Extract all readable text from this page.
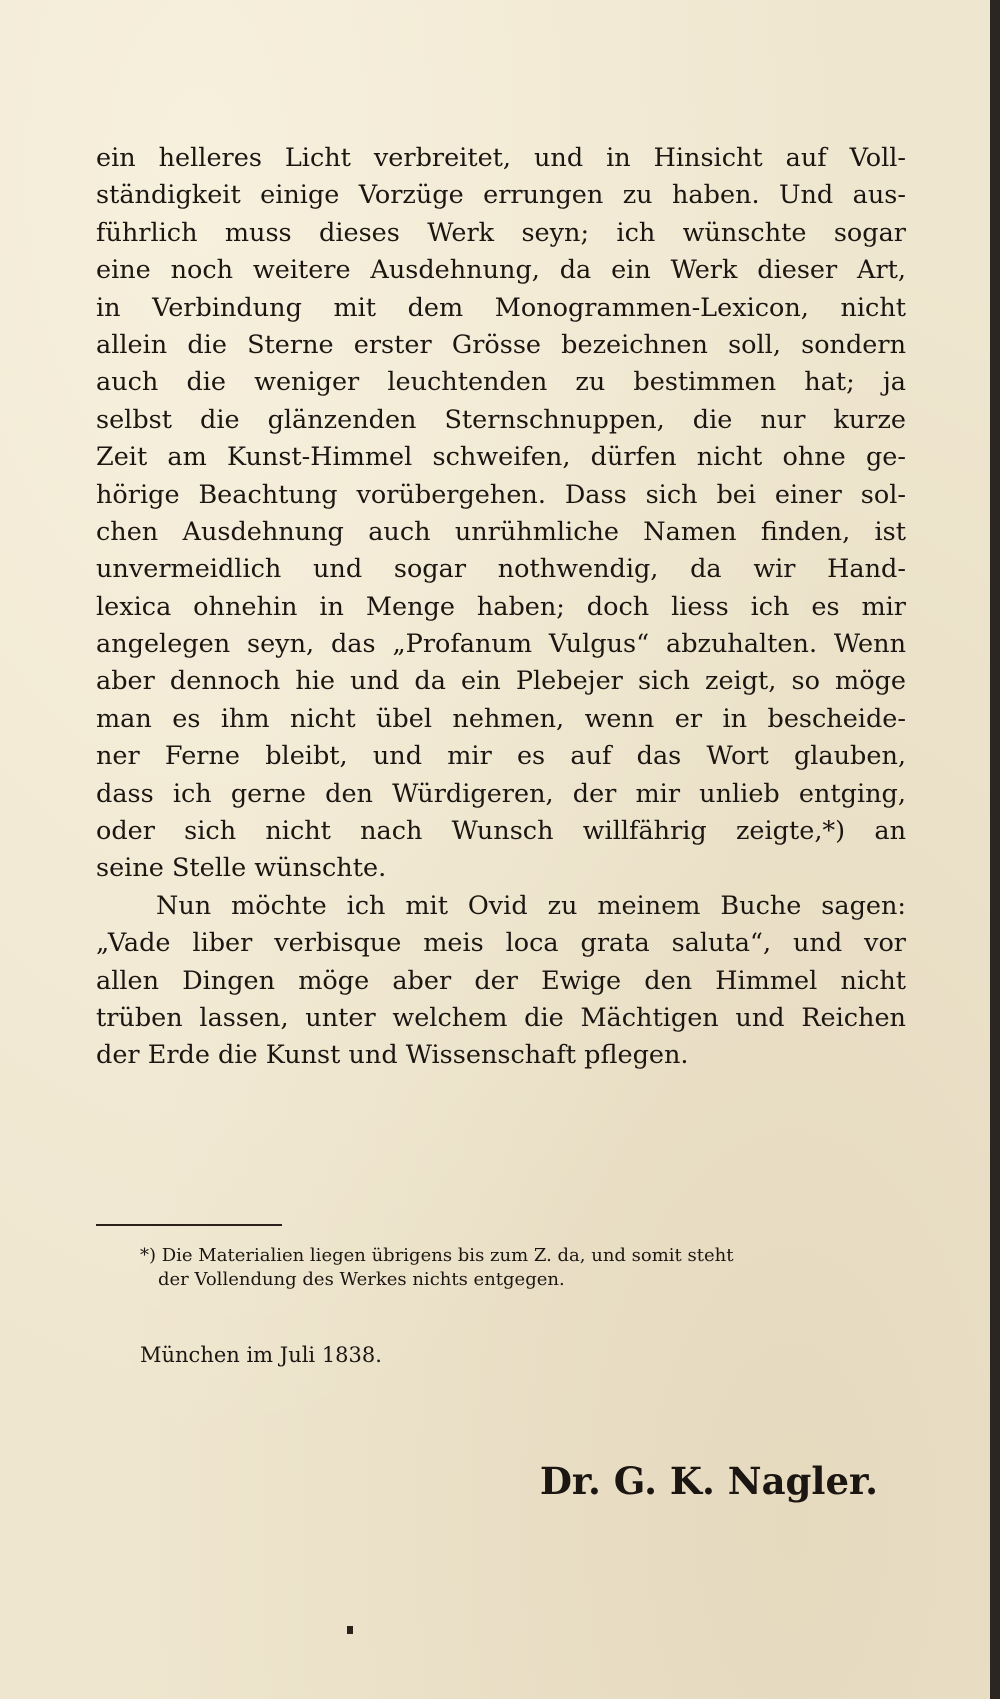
ein helleres Licht verbreitet, und in Hinsicht auf Voll-
ständigkeit einige Vorzüge errungen zu haben. Und aus-
führlich muss dieses Werk seyn; ich wünschte sogar
eine noch weitere Ausdehnung, da ein Werk dieser Art,
in Verbindung mit dem Monogrammen-Lexicon, nicht
allein die Sterne erster Grösse bezeichnen soll, sondern
auch die weniger leuchtenden zu bestimmen hat; ja
selbst die glänzenden Sternschnuppen, die nur kurze
Zeit am Kunst-Himmel schweifen, dürfen nicht ohne ge-
hörige Beachtung vorübergehen. Dass sich bei einer sol-
chen Ausdehnung auch unrühmliche Namen finden, ist
unvermeidlich und sogar nothwendig, da wir Hand-
lexica ohnehin in Menge haben; doch liess ich es mir
angelegen seyn, das „Profanum Vulgus“ abzuhalten. Wenn
aber dennoch hie und da ein Plebejer sich zeigt, so möge
man es ihm nicht übel nehmen, wenn er in bescheide-
ner Ferne bleibt, und mir es auf das Wort glauben,
dass ich gerne den Würdigeren, der mir unlieb entging,
oder sich nicht nach Wunsch willfährig zeigte,*) an
seine Stelle wünschte.
Nun möchte ich mit Ovid zu meinem Buche sagen:
„Vade liber verbisque meis loca grata saluta“, und vor
allen Dingen möge aber der Ewige den Himmel nicht
trüben lassen, unter welchem die Mächtigen und Reichen
der Erde die Kunst und Wissenschaft pflegen.
*) Die Materialien liegen übrigens bis zum Z. da, und somit steht
der Vollendung des Werkes nichts entgegen.
München im Juli 1838.
Dr. G. K. Nagler.
